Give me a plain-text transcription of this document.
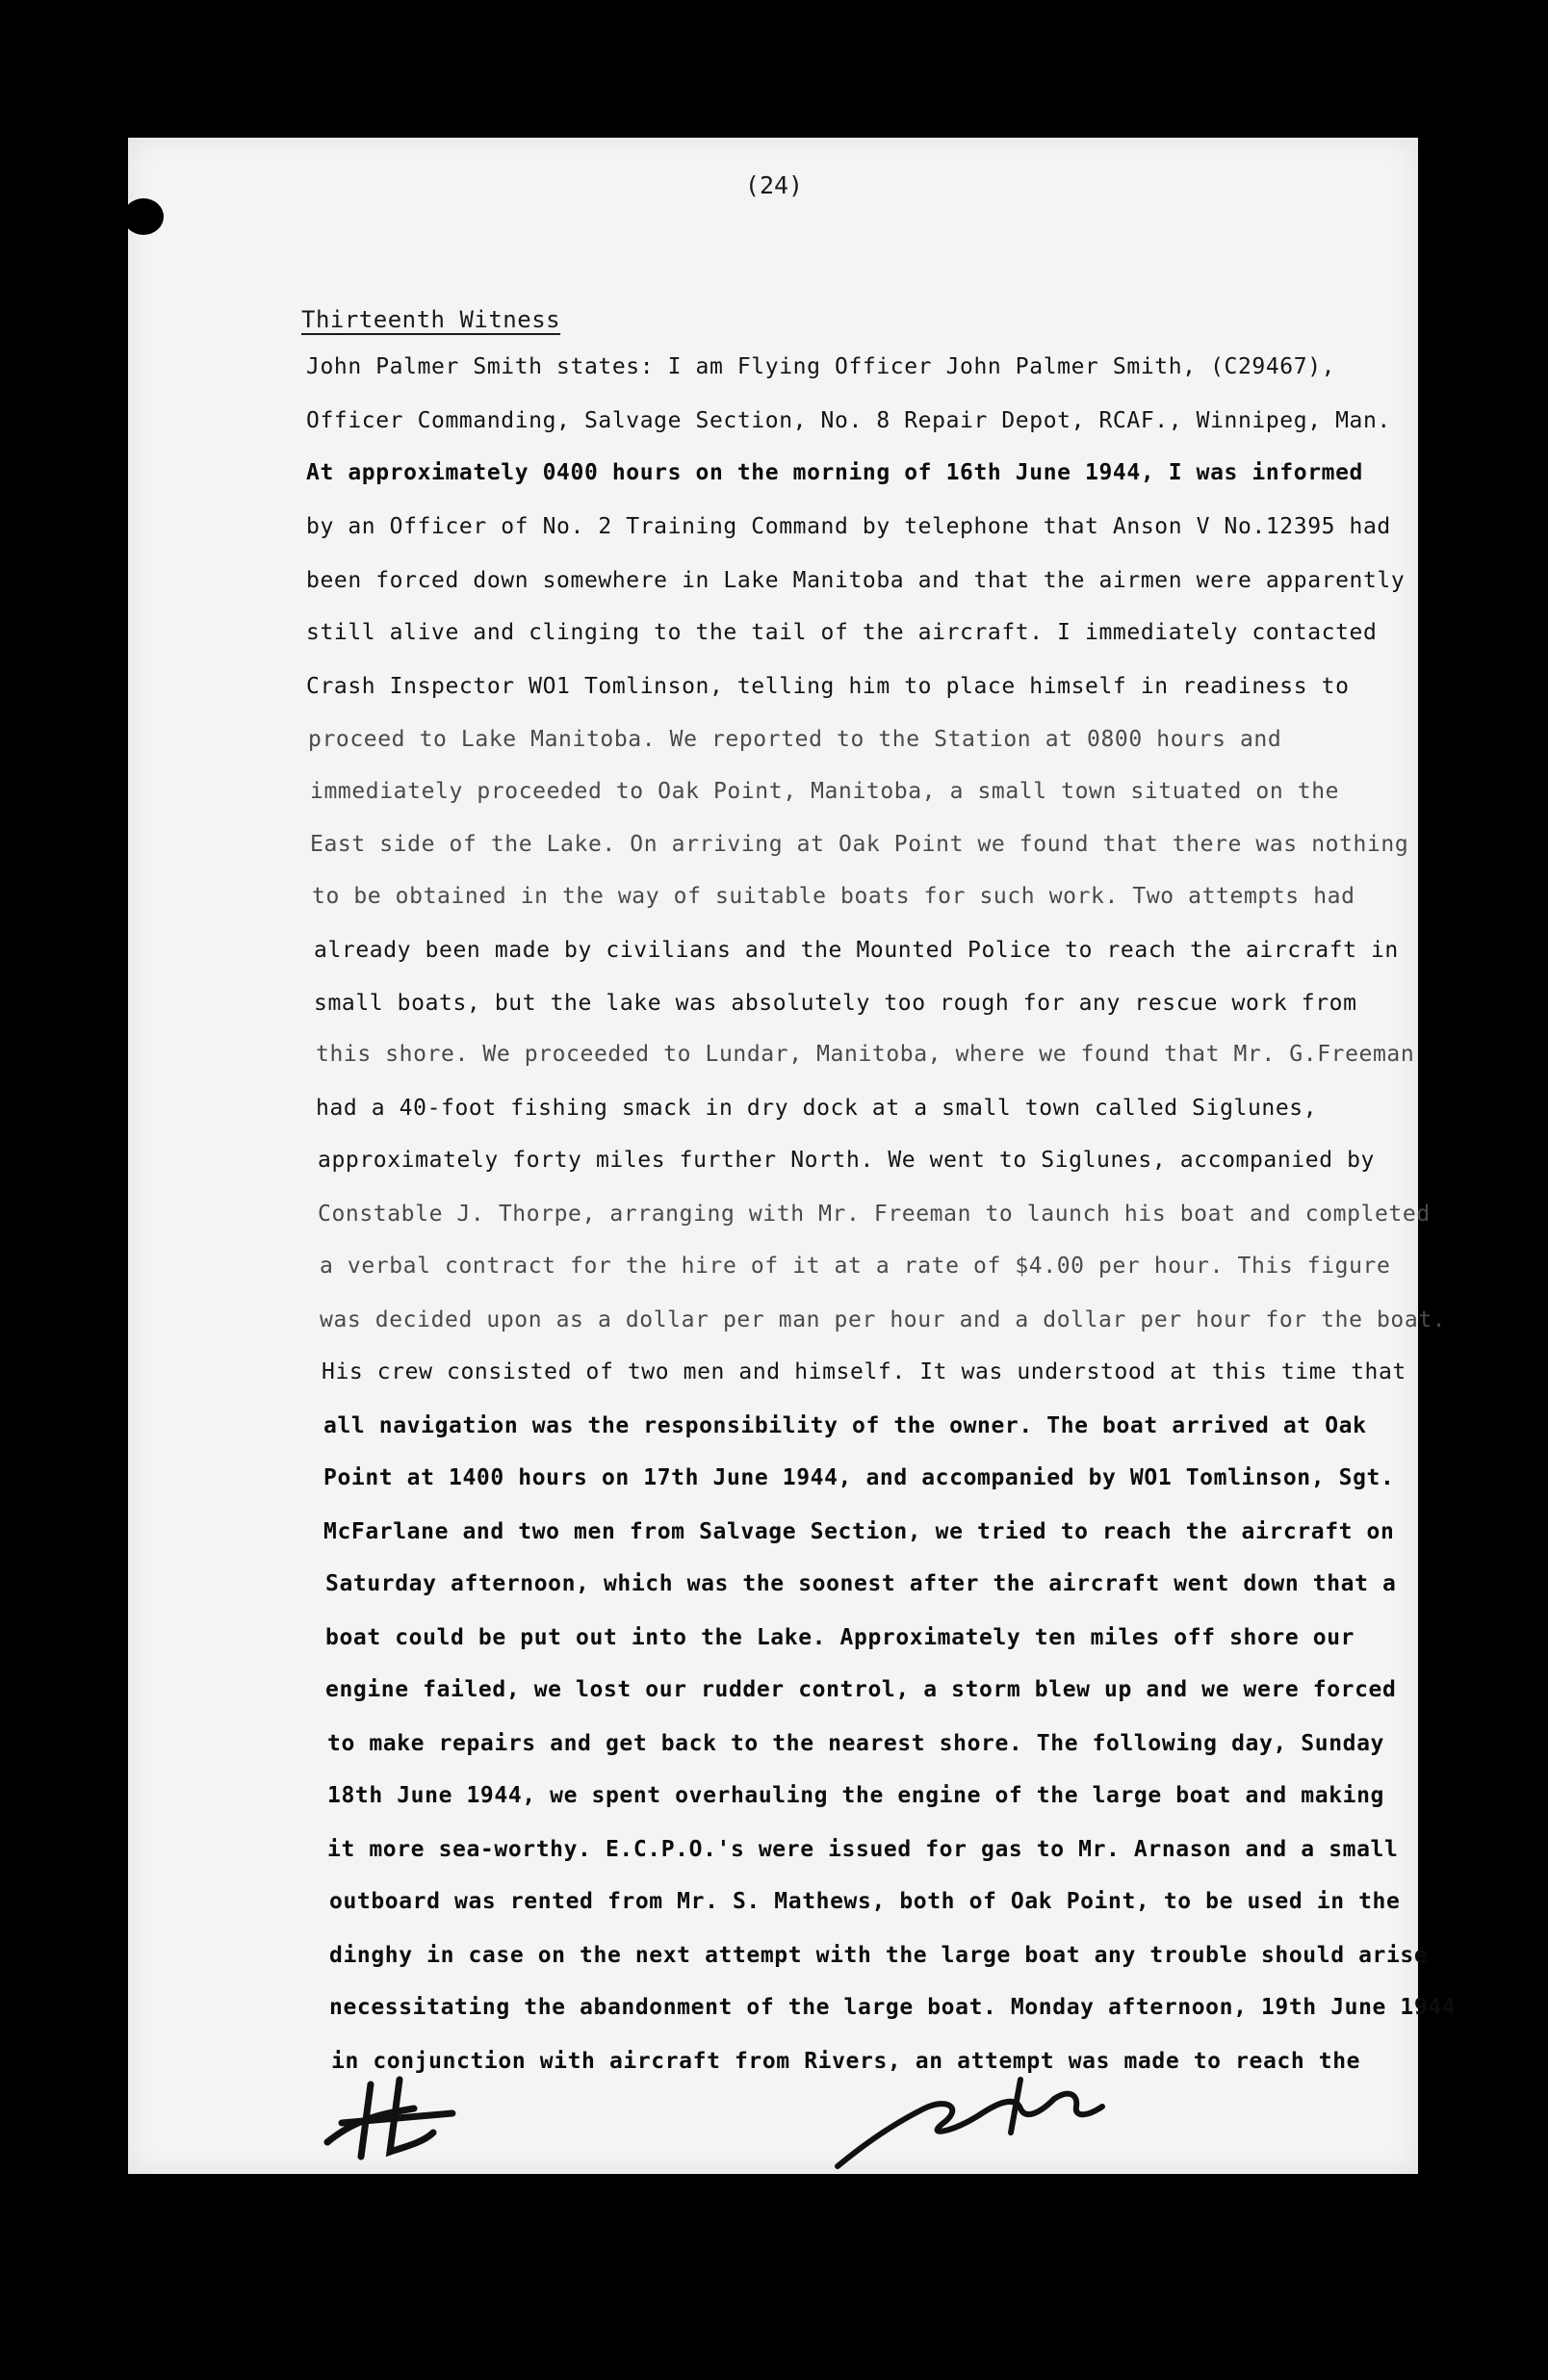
(24)
Thirteenth Witness
John Palmer Smith states: I am Flying Officer John Palmer Smith, (C29467),
Officer Commanding, Salvage Section, No. 8 Repair Depot, RCAF., Winnipeg, Man.
At approximately 0400 hours on the morning of 16th June 1944, I was informed
by an Officer of No. 2 Training Command by telephone that Anson V No.12395 had
been forced down somewhere in Lake Manitoba and that the airmen were apparently
still alive and clinging to the tail of the aircraft. I immediately contacted
Crash Inspector WO1 Tomlinson, telling him to place himself in readiness to
proceed to Lake Manitoba. We reported to the Station at 0800 hours and
immediately proceeded to Oak Point, Manitoba, a small town situated on the
East side of the Lake. On arriving at Oak Point we found that there was nothing
to be obtained in the way of suitable boats for such work. Two attempts had
already been made by civilians and the Mounted Police to reach the aircraft in
small boats, but the lake was absolutely too rough for any rescue work from
this shore. We proceeded to Lundar, Manitoba, where we found that Mr. G.Freeman
had a 40-foot fishing smack in dry dock at a small town called Siglunes,
approximately forty miles further North. We went to Siglunes, accompanied by
Constable J. Thorpe, arranging with Mr. Freeman to launch his boat and completed
a verbal contract for the hire of it at a rate of $4.00 per hour. This figure
was decided upon as a dollar per man per hour and a dollar per hour for the boat.
His crew consisted of two men and himself. It was understood at this time that
all navigation was the responsibility of the owner. The boat arrived at Oak
Point at 1400 hours on 17th June 1944, and accompanied by WO1 Tomlinson, Sgt.
McFarlane and two men from Salvage Section, we tried to reach the aircraft on
Saturday afternoon, which was the soonest after the aircraft went down that a
boat could be put out into the Lake. Approximately ten miles off shore our
engine failed, we lost our rudder control, a storm blew up and we were forced
to make repairs and get back to the nearest shore. The following day, Sunday
18th June 1944, we spent overhauling the engine of the large boat and making
it more sea-worthy. E.C.P.O.'s were issued for gas to Mr. Arnason and a small
outboard was rented from Mr. S. Mathews, both of Oak Point, to be used in the
dinghy in case on the next attempt with the large boat any trouble should arise
necessitating the abandonment of the large boat. Monday afternoon, 19th June 1944
in conjunction with aircraft from Rivers, an attempt was made to reach the
